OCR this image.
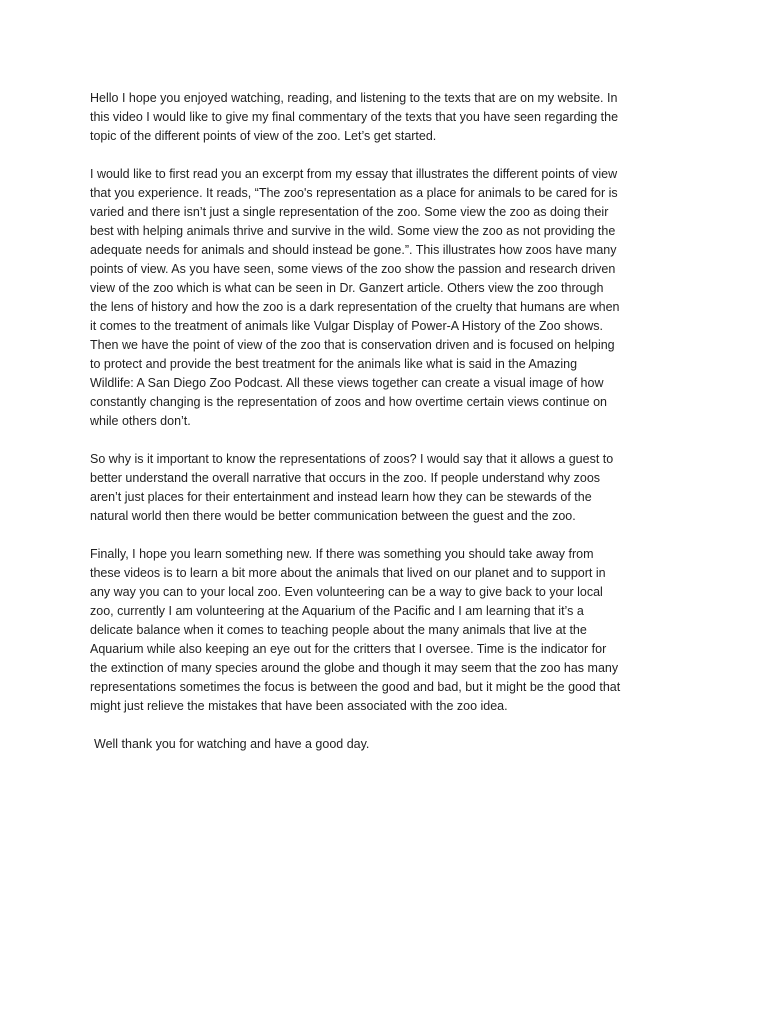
Hello I hope you enjoyed watching, reading, and listening to the texts that are on my website. In
this video I would like to give my final commentary of the texts that you have seen regarding the
topic of the different points of view of the zoo. Let’s get started.

I would like to first read you an excerpt from my essay that illustrates the different points of view
that you experience. It reads, “The zoo's representation as a place for animals to be cared for is
varied and there isn’t just a single representation of the zoo. Some view the zoo as doing their
best with helping animals thrive and survive in the wild. Some view the zoo as not providing the
adequate needs for animals and should instead be gone.”. This illustrates how zoos have many
points of view. As you have seen, some views of the zoo show the passion and research driven
view of the zoo which is what can be seen in Dr. Ganzert article. Others view the zoo through
the lens of history and how the zoo is a dark representation of the cruelty that humans are when
it comes to the treatment of animals like Vulgar Display of Power-A History of the Zoo shows.
Then we have the point of view of the zoo that is conservation driven and is focused on helping
to protect and provide the best treatment for the animals like what is said in the Amazing
Wildlife: A San Diego Zoo Podcast. All these views together can create a visual image of how
constantly changing is the representation of zoos and how overtime certain views continue on
while others don’t.

So why is it important to know the representations of zoos? I would say that it allows a guest to
better understand the overall narrative that occurs in the zoo. If people understand why zoos
aren’t just places for their entertainment and instead learn how they can be stewards of the
natural world then there would be better communication between the guest and the zoo.

Finally, I hope you learn something new. If there was something you should take away from
these videos is to learn a bit more about the animals that lived on our planet and to support in
any way you can to your local zoo. Even volunteering can be a way to give back to your local
zoo, currently I am volunteering at the Aquarium of the Pacific and I am learning that it’s a
delicate balance when it comes to teaching people about the many animals that live at the
Aquarium while also keeping an eye out for the critters that I oversee. Time is the indicator for
the extinction of many species around the globe and though it may seem that the zoo has many
representations sometimes the focus is between the good and bad, but it might be the good that
might just relieve the mistakes that have been associated with the zoo idea.

Well thank you for watching and have a good day.
